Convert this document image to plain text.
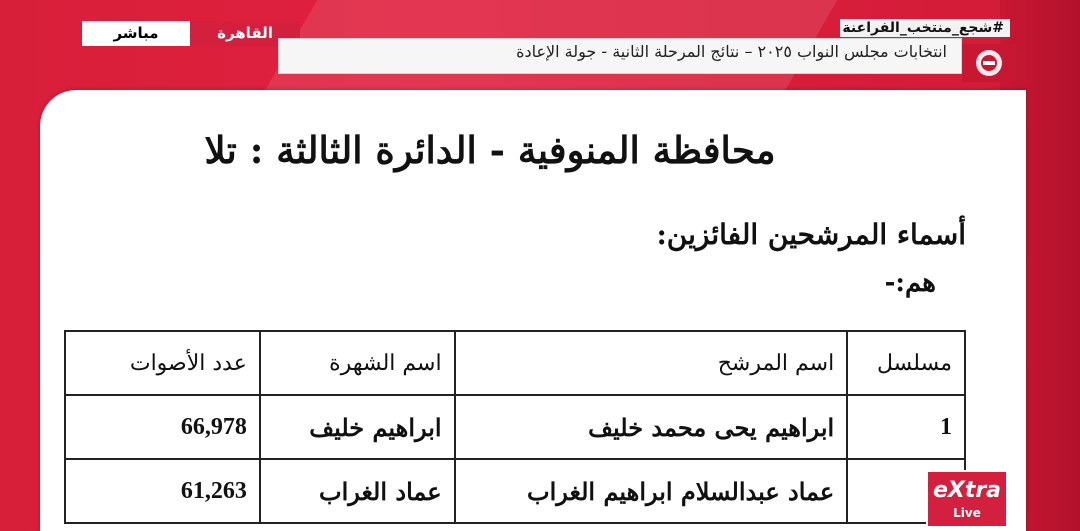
مباشر	القاهرة	#شجع_منتخب_الفراعنة
انتخابات مجلس النواب ٢٠٢٥ – نتائج المرحلة الثانية - جولة الإعادة
محافظة المنوفية - الدائرة الثالثة : تلا
أسماء المرشحين الفائزين:
هم:-
مسلسل	اسم المرشح	اسم الشهرة	عدد الأصوات
1	ابراهيم يحى محمد خليف	ابراهيم خليف	66,978
	عماد عبدالسلام ابراهيم الغراب	عماد الغراب	61,263	eXtra
Live
